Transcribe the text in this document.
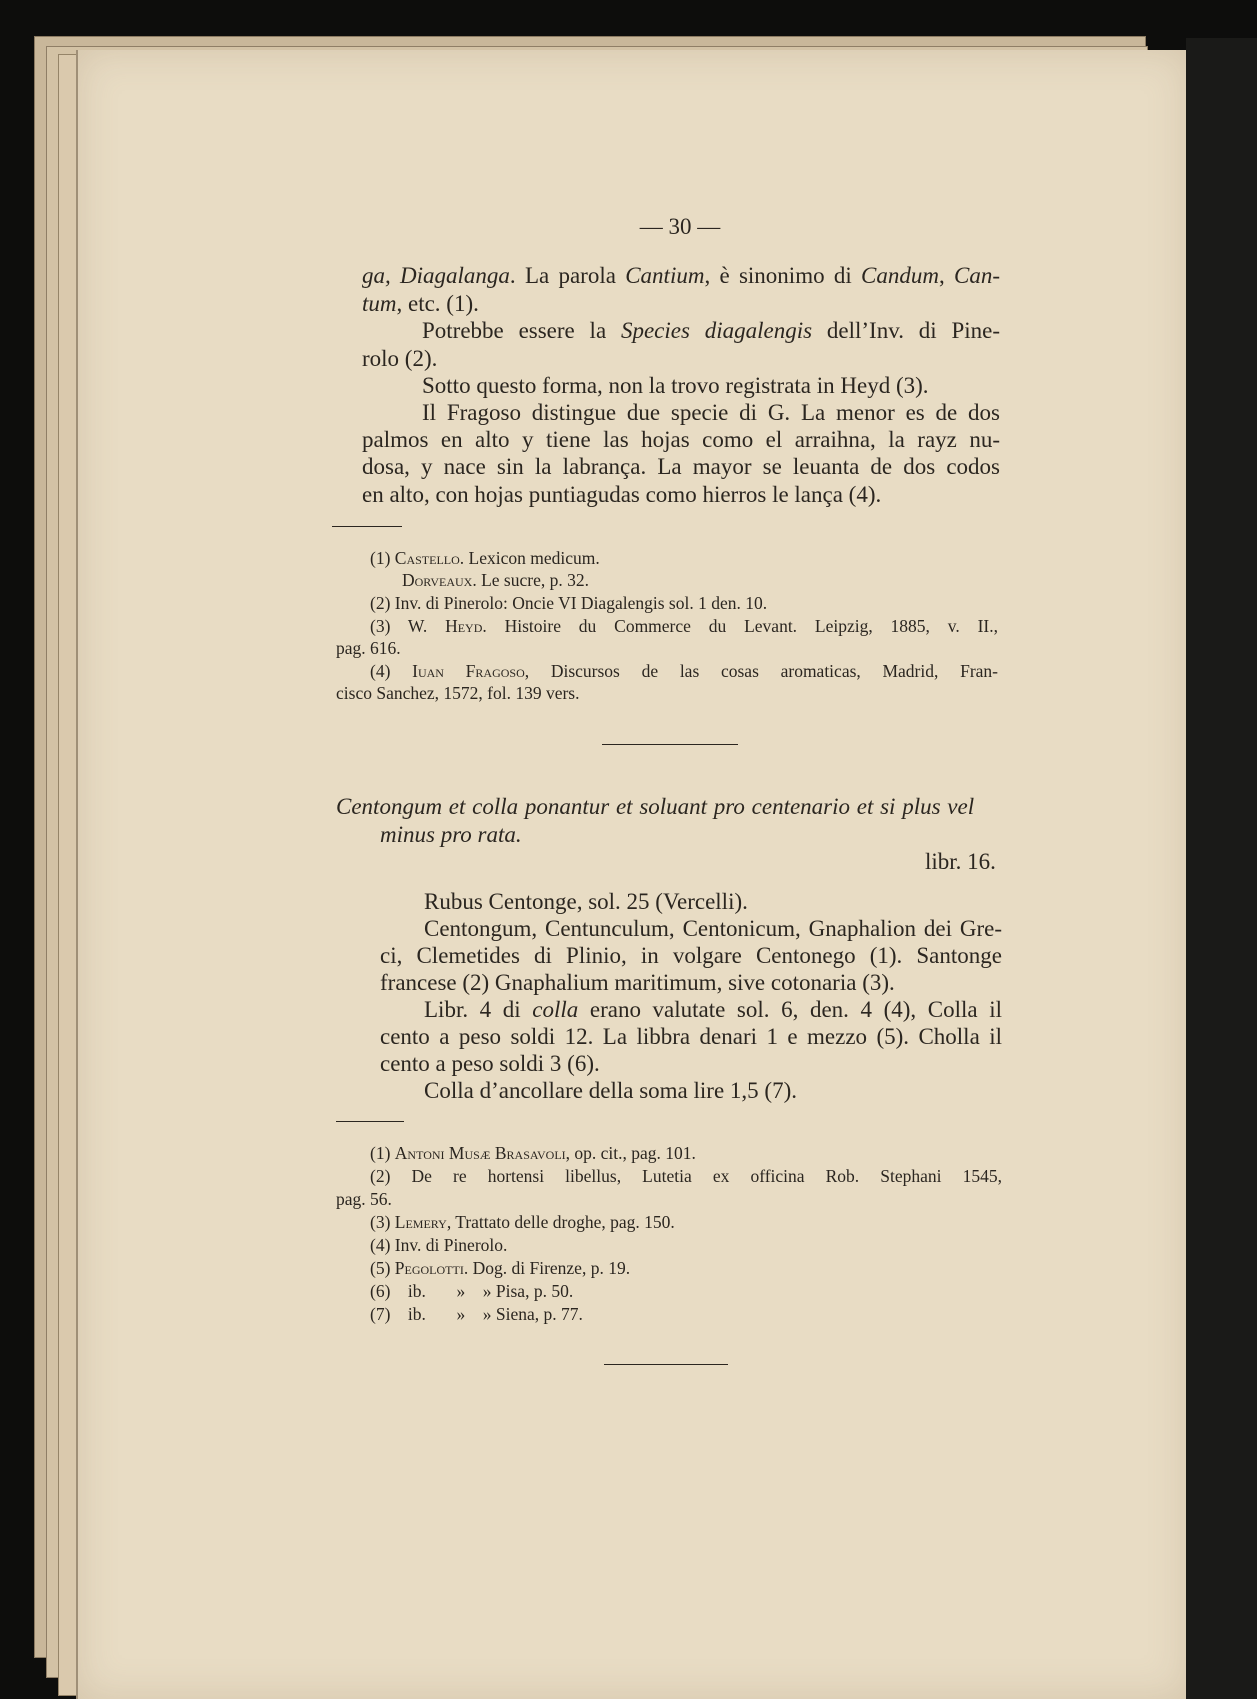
— 30 —
ga, Diagalanga. La parola Cantium, è sinonimo di Candum, Can-
tum, etc. (1).
Potrebbe essere la Species diagalengis dell’Inv. di Pine-
rolo (2).
Sotto questo forma, non la trovo registrata in Heyd (3).
Il Fragoso distingue due specie di G. La menor es de dos
palmos en alto y tiene las hojas como el arraihna, la rayz nu-
dosa, y nace sin la labrança. La mayor se leuanta de dos codos
en alto, con hojas puntiagudas como hierros le lança (4).
(1) Castello. Lexicon medicum.
Dorveaux. Le sucre, p. 32.
(2) Inv. di Pinerolo: Oncie VI Diagalengis sol. 1 den. 10.
(3) W. Heyd. Histoire du Commerce du Levant. Leipzig, 1885, v. II.,
pag. 616.
(4) Iuan Fragoso, Discursos de las cosas aromaticas, Madrid, Fran-
cisco Sanchez, 1572, fol. 139 vers.
Centongum et colla ponantur et soluant pro centenario et si plus vel
minus pro rata.
libr. 16.
Rubus Centonge, sol. 25 (Vercelli).
Centongum, Centunculum, Centonicum, Gnaphalion dei Gre-
ci, Clemetides di Plinio, in volgare Centonego (1). Santonge
francese (2) Gnaphalium maritimum, sive cotonaria (3).
Libr. 4 di colla erano valutate sol. 6, den. 4 (4), Colla il
cento a peso soldi 12. La libbra denari 1 e mezzo (5). Cholla il
cento a peso soldi 3 (6).
Colla d’ancollare della soma lire 1,5 (7).
(1) Antoni Musæ Brasavoli, op. cit., pag. 101.
(2) De re hortensi libellus, Lutetia ex officina Rob. Stephani 1545,
pag. 56.
(3) Lemery, Trattato delle droghe, pag. 150.
(4) Inv. di Pinerolo.
(5) Pegolotti. Dog. di Firenze, p. 19.
(6)    ib.       »    » Pisa, p. 50.
(7)    ib.       »    » Siena, p. 77.
